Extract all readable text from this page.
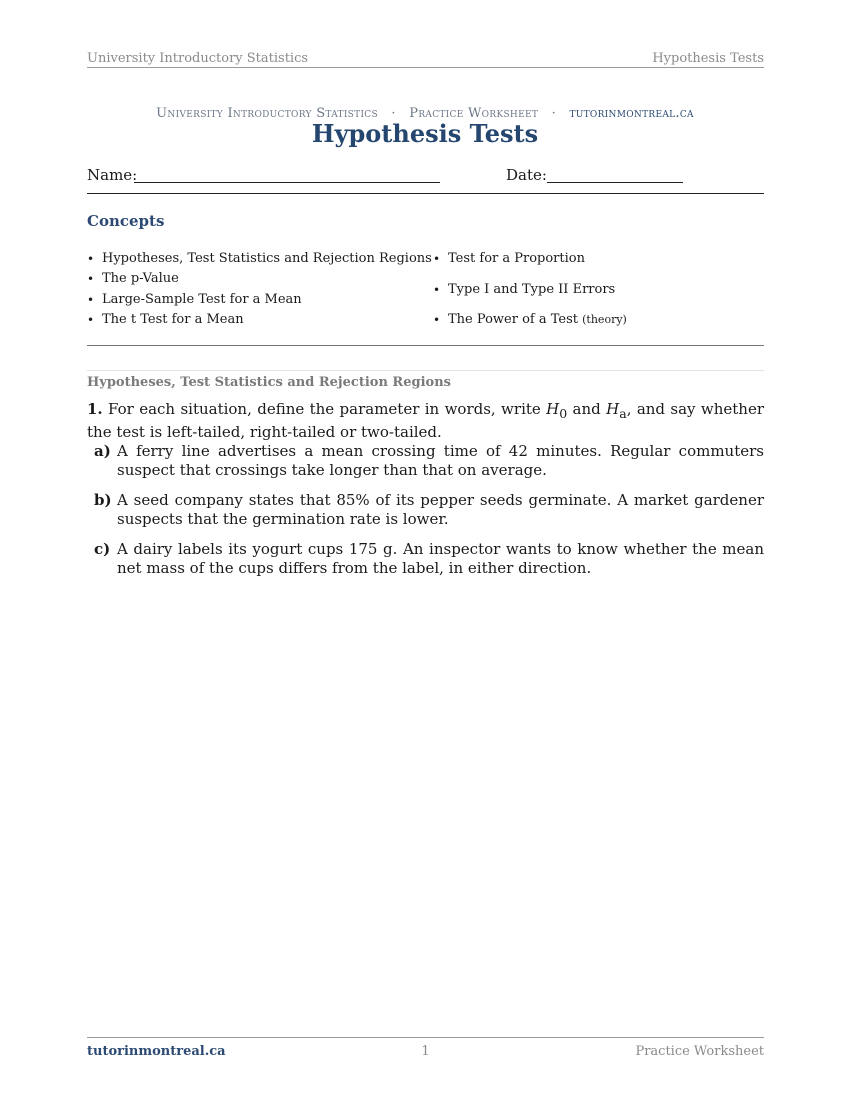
University Introductory Statistics	Hypothesis Tests
University Introductory Statistics · Practice Worksheet · tutorinmontreal.ca
Hypothesis Tests
Name:	Date:
Concepts
• Hypotheses, Test Statistics and Rejection Regions
• The p-Value
• Large-Sample Test for a Mean
• The t Test for a Mean
• Test for a Proportion
• Type I and Type II Errors
• The Power of a Test (theory)
Hypotheses, Test Statistics and Rejection Regions

1. For each situation, define the parameter in words, write $H_0$ and $H_a$, and say whether the test is left-tailed, right-tailed or two-tailed.

a) A ferry line advertises a mean crossing time of 42 minutes. Regular commuters suspect that crossings take longer than that on average.
b) A seed company states that 85% of its pepper seeds germinate. A market gardener suspects that the germination rate is lower.
c) A dairy labels its yogurt cups 175 g. An inspector wants to know whether the mean net mass of the cups differs from the label, in either direction.
tutorinmontreal.ca	1	Practice Worksheet
